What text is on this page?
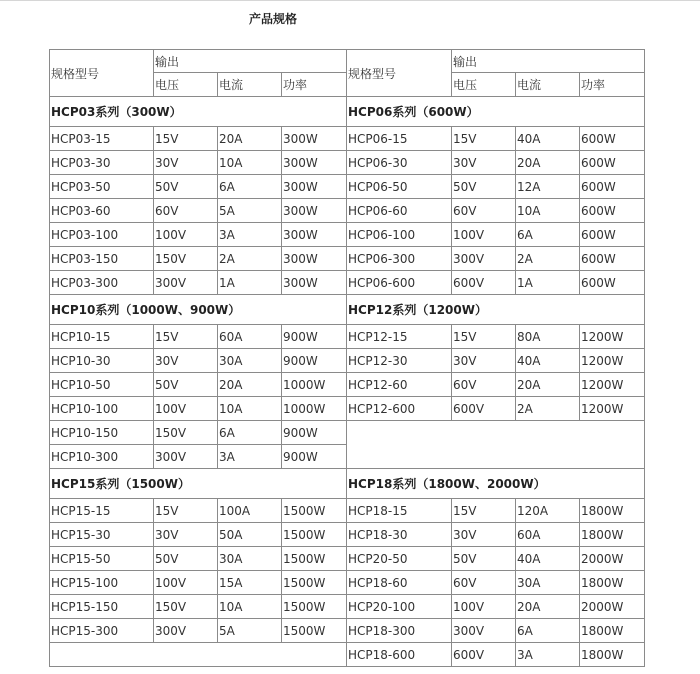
产品规格
规格型号	输出			规格型号	输出		
	电压	电流	功率		电压	电流	功率
HCP03系列（300W）				HCP06系列（600W）			
HCP03-15	15V	20A	300W	HCP06-15	15V	40A	600W
HCP03-30	30V	10A	300W	HCP06-30	30V	20A	600W
HCP03-50	50V	6A	300W	HCP06-50	50V	12A	600W
HCP03-60	60V	5A	300W	HCP06-60	60V	10A	600W
HCP03-100	100V	3A	300W	HCP06-100	100V	6A	600W
HCP03-150	150V	2A	300W	HCP06-300	300V	2A	600W
HCP03-300	300V	1A	300W	HCP06-600	600V	1A	600W
HCP10系列（1000W、900W）				HCP12系列（1200W）			
HCP10-15	15V	60A	900W	HCP12-15	15V	80A	1200W
HCP10-30	30V	30A	900W	HCP12-30	30V	40A	1200W
HCP10-50	50V	20A	1000W	HCP12-60	60V	20A	1200W
HCP10-100	100V	10A	1000W	HCP12-600	600V	2A	1200W
HCP10-150	150V	6A	900W				
HCP10-300	300V	3A	900W				
HCP15系列（1500W）				HCP18系列（1800W、2000W）			
HCP15-15	15V	100A	1500W	HCP18-15	15V	120A	1800W
HCP15-30	30V	50A	1500W	HCP18-30	30V	60A	1800W
HCP15-50	50V	30A	1500W	HCP20-50	50V	40A	2000W
HCP15-100	100V	15A	1500W	HCP18-60	60V	30A	1800W
HCP15-150	150V	10A	1500W	HCP20-100	100V	20A	2000W
HCP15-300	300V	5A	1500W	HCP18-300	300V	6A	1800W
				HCP18-600	600V	3A	1800W
